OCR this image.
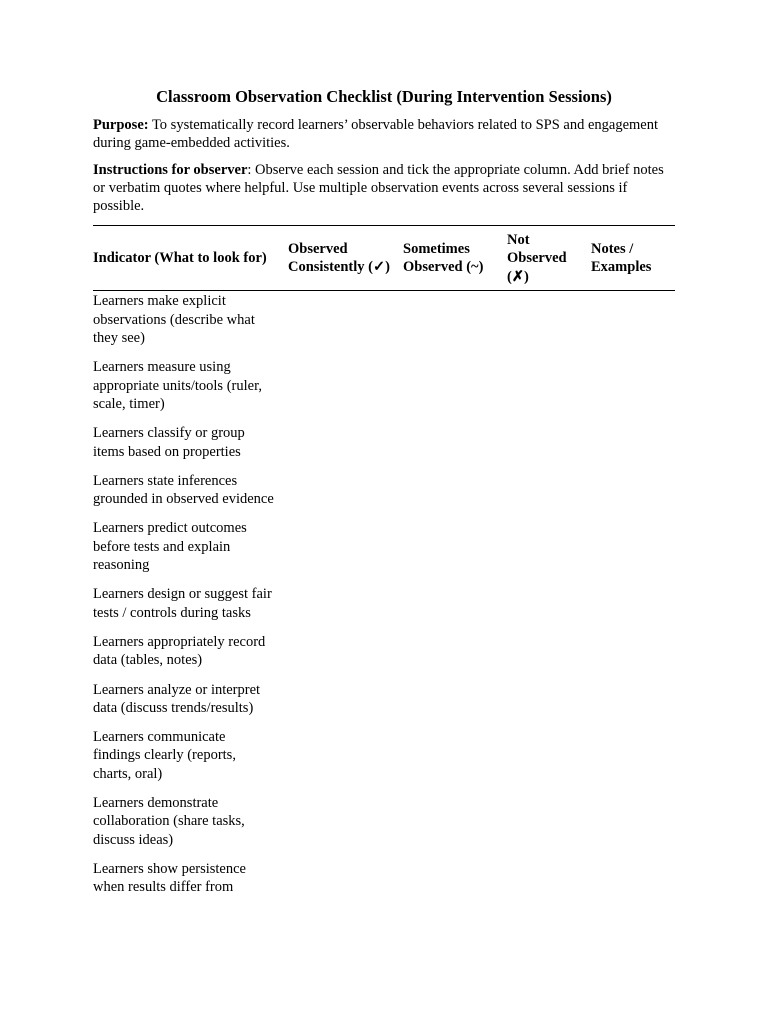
Classroom Observation Checklist (During Intervention Sessions)

Purpose: To systematically record learners’ observable behaviors related to SPS and engagement during game-embedded activities.

Instructions for observer: Observe each session and tick the appropriate column. Add brief notes or verbatim quotes where helpful. Use multiple observation events across several sessions if possible.

Indicator (What to look for)	Observed Consistently (✓)	Sometimes Observed (~)	Not Observed (✗)	Notes / Examples

Learners make explicit observations (describe what they see)				

Learners measure using appropriate units/tools (ruler, scale, timer)				

Learners classify or group items based on properties				

Learners state inferences grounded in observed evidence				

Learners predict outcomes before tests and explain reasoning				

Learners design or suggest fair tests / controls during tasks				

Learners appropriately record data (tables, notes)				

Learners analyze or interpret data (discuss trends/results)				

Learners communicate findings clearly (reports, charts, oral)				

Learners demonstrate collaboration (share tasks, discuss ideas)				

Learners show persistence when results differ from				
